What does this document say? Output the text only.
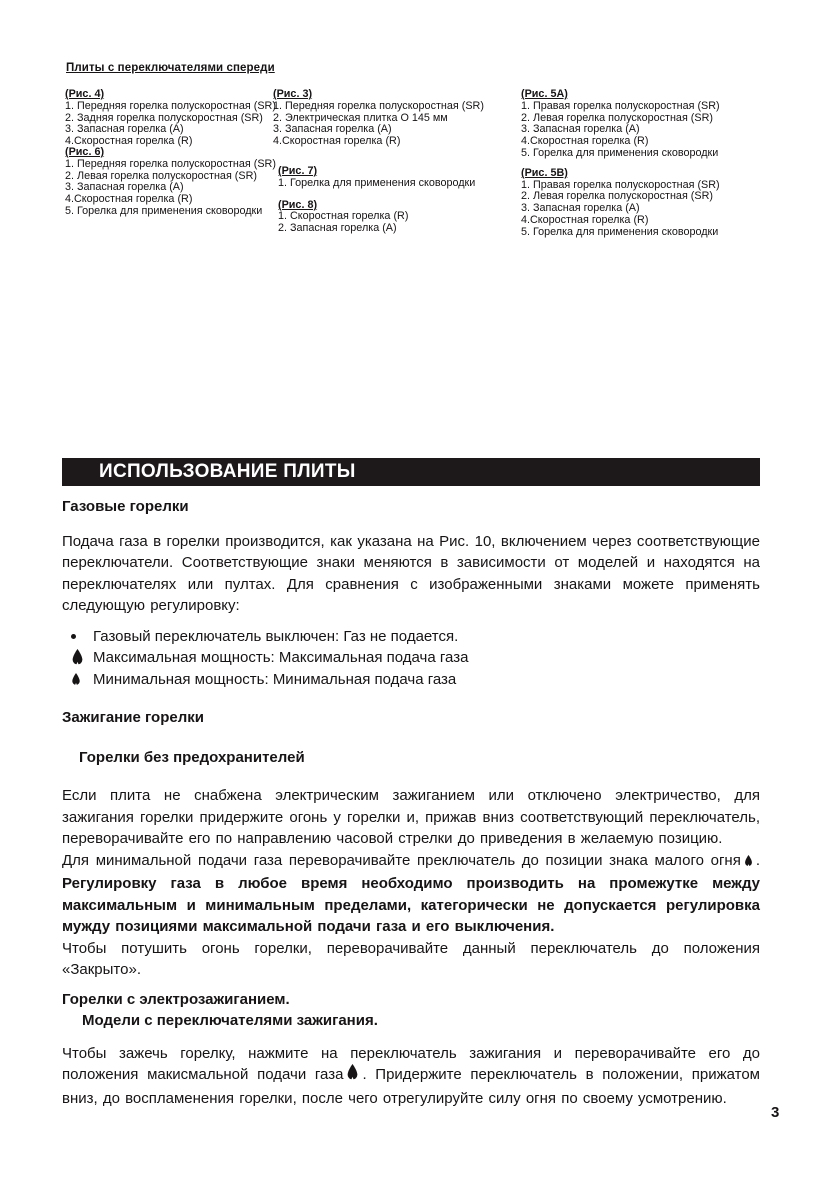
Плиты с переключателями спереди
(Рис. 4)
1. Передняя горелка полускоростная (SR)
2. Задняя горелка полускоростная (SR)
3. Запасная горелка (А)
4.Скоростная горелка (R)
(Рис. 6)
1. Передняя горелка полускоростная (SR)
2. Левая горелка полускоростная (SR)
3. Запасная горелка (А)
4.Скоростная горелка (R)
5. Горелка для применения сковородки
(Рис. 3)
1. Передняя горелка полускоростная (SR)
2. Электрическая плитка О 145 мм
3. Запасная горелка (А)
4.Скоростная горелка (R)
(Рис. 7)
1. Горелка для применения сковородки
(Рис. 8)
1. Скоростная горелка (R)
2. Запасная горелка (А)
(Рис. 5A)
1. Правая горелка полускоростная (SR)
2. Левая горелка полускоростная (SR)
3. Запасная горелка (А)
4.Скоростная горелка (R)
5. Горелка для применения сковородки
(Рис. 5B)
1. Правая горелка полускоростная (SR)
2. Левая горелка полускоростная (SR)
3. Запасная горелка (А)
4.Скоростная горелка (R)
5. Горелка для применения сковородки
ИСПОЛЬЗОВАНИЕ ПЛИТЫ
Газовые горелки

Подача газа в горелки производится, как указана на Рис. 10, включением через соответствующие переключатели. Соответствующие знаки меняются в зависимости от моделей и находятся на переключателях или пултах. Для сравнения с изображенными знаками можете применять следующую регулировку:

Газовый переключатель выключен: Газ не подается.
Максимальная мощность: Максимальная подача газа
Минимальная мощность: Минимальная подача газа
Зажигание горелки
Горелки без предохранителей

Если плита не снабжена электрическим зажиганием или отключено электричество, для зажигания горелки придержите огонь у горелки и, прижав вниз соответствующий переключатель, переворачивайте его по направлению часовой стрелки до приведения в желаемую позицию.

Для минимальной подачи газа переворачивайте преключатель до позиции знака малого огня . Регулировку газа в любое время необходимо производить на промежутке между максимальным и минимальным пределами, категорически не допускается регулировка мужду позициями максимальной подачи газа и его выключения.

Чтобы потушить огонь горелки, переворачивайте данный переключатель до положения «Закрыто».

Горелки с электрозажиганием.
Модели с переключателями зажигания.

Чтобы зажечь горелку, нажмите на переключатель зажигания и переворачивайте его до положения макисмальной подачи газа . Придержите переключатель в положении, прижатом вниз, до воспламенения горелки, после чего отрегулируйте силу огня по своему усмотрению.

3
